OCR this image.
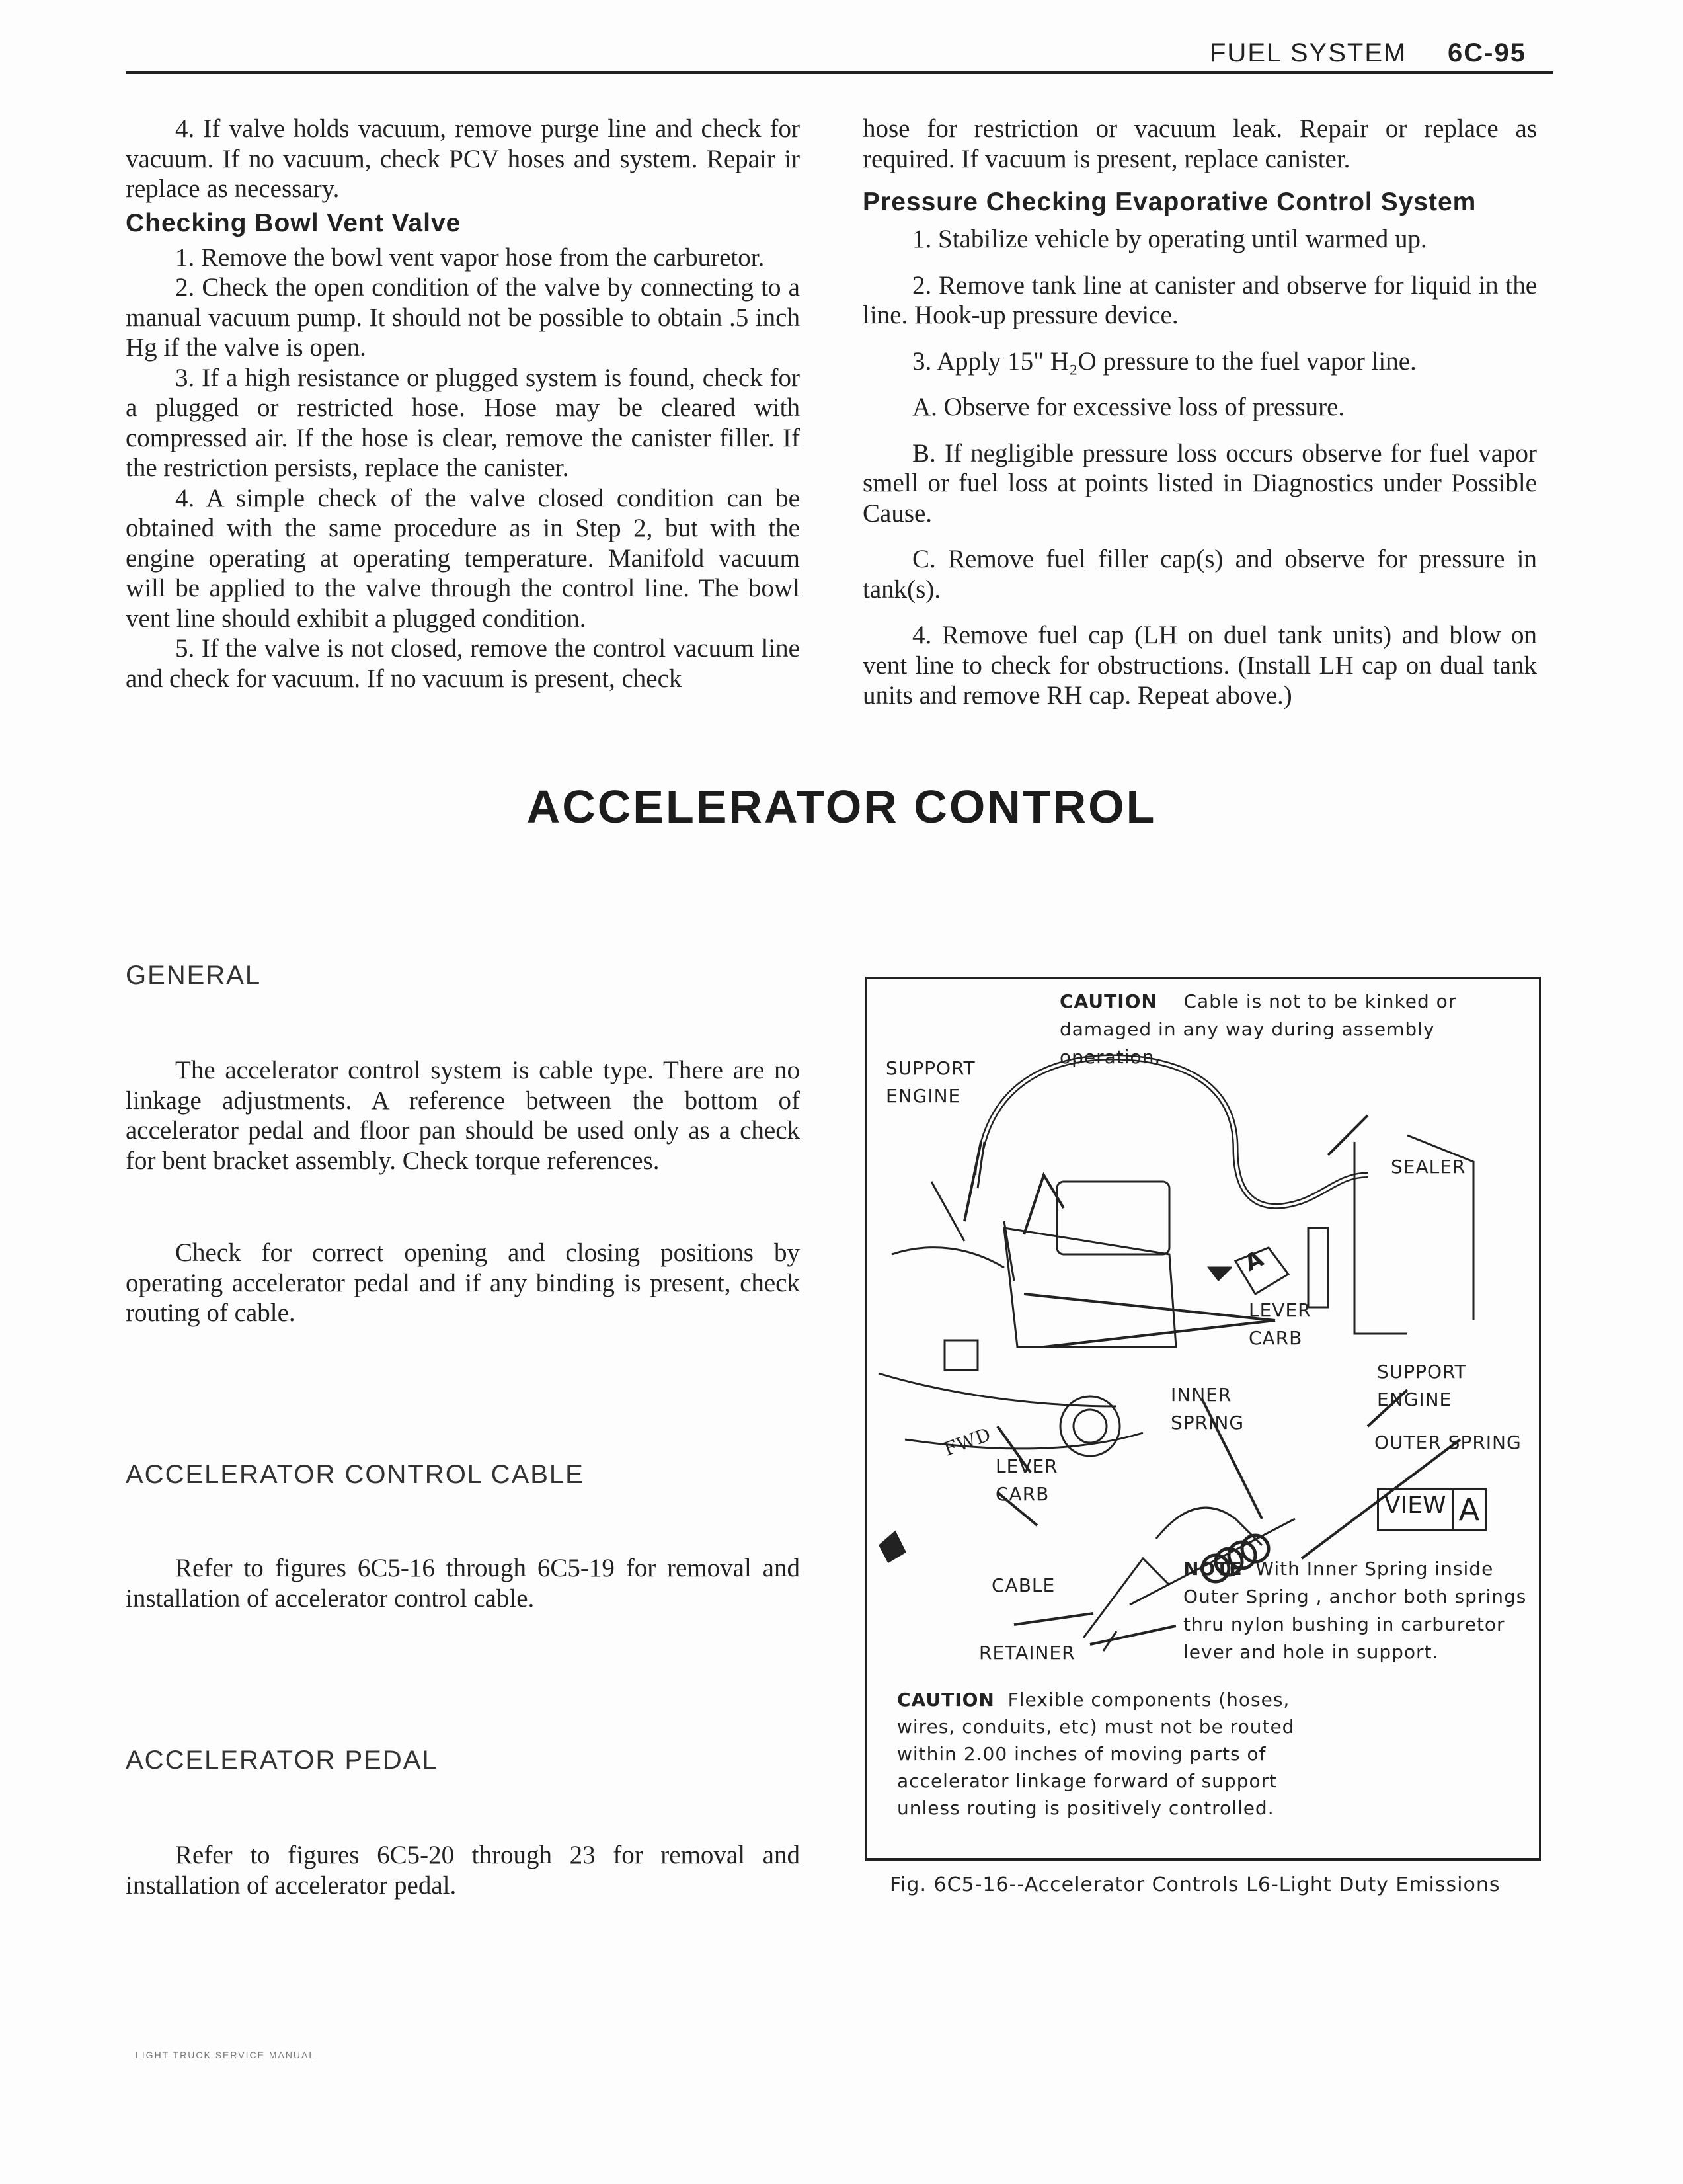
FUEL SYSTEM 6C-95

4. If valve holds vacuum, remove purge line and check for vacuum. If no vacuum, check PCV hoses and system. Repair ir replace as necessary.

Checking Bowl Vent Valve

1. Remove the bowl vent vapor hose from the carburetor.

2. Check the open condition of the valve by connecting to a manual vacuum pump. It should not be possible to obtain .5 inch Hg if the valve is open.

3. If a high resistance or plugged system is found, check for a plugged or restricted hose. Hose may be cleared with compressed air. If the hose is clear, remove the canister filler. If the restriction persists, replace the canister.

4. A simple check of the valve closed condition can be obtained with the same procedure as in Step 2, but with the engine operating at operating temperature. Manifold vacuum will be applied to the valve through the control line. The bowl vent line should exhibit a plugged condition.

5. If the valve is not closed, remove the control vacuum line and check for vacuum. If no vacuum is present, check

hose for restriction or vacuum leak. Repair or replace as required. If vacuum is present, replace canister.

Pressure Checking Evaporative Control System

1. Stabilize vehicle by operating until warmed up.

2. Remove tank line at canister and observe for liquid in the line. Hook-up pressure device.

3. Apply 15" H₂O pressure to the fuel vapor line.

A. Observe for excessive loss of pressure.

B. If negligible pressure loss occurs observe for fuel vapor smell or fuel loss at points listed in Diagnostics under Possible Cause.

C. Remove fuel filler cap(s) and observe for pressure in tank(s).

4. Remove fuel cap (LH on duel tank units) and blow on vent line to check for obstructions. (Install LH cap on dual tank units and remove RH cap. Repeat above.)

ACCELERATOR CONTROL
GENERAL

The accelerator control system is cable type. There are no linkage adjustments. A reference between the bottom of accelerator pedal and floor pan should be used only as a check for bent bracket assembly. Check torque references.

Check for correct opening and closing positions by operating accelerator pedal and if any binding is present, check routing of cable.

ACCELERATOR CONTROL CABLE

Refer to figures 6C5-16 through 6C5-19 for removal and installation of accelerator control cable.

ACCELERATOR PEDAL

Refer to figures 6C5-20 through 23 for removal and installation of accelerator pedal.

A
CAUTION Cable is not to be kinked or damaged in any way during assembly operation.
SUPPORT ENGINE
SEALER
LEVER CARB
SUPPORT ENGINE
INNER SPRING
OUTER SPRING
FWD
LEVER CARB	VIEW A
CABLE
RETAINER
NOTE With Inner Spring inside Outer Spring , anchor both springs thru nylon bushing in carburetor lever and hole in support.
CAUTION Flexible components (hoses, wires, conduits, etc) must not be routed within 2.00 inches of moving parts of accelerator linkage forward of support unless routing is positively controlled.
Fig. 6C5-16--Accelerator Controls L6-Light Duty Emissions
LIGHT TRUCK SERVICE MANUAL
